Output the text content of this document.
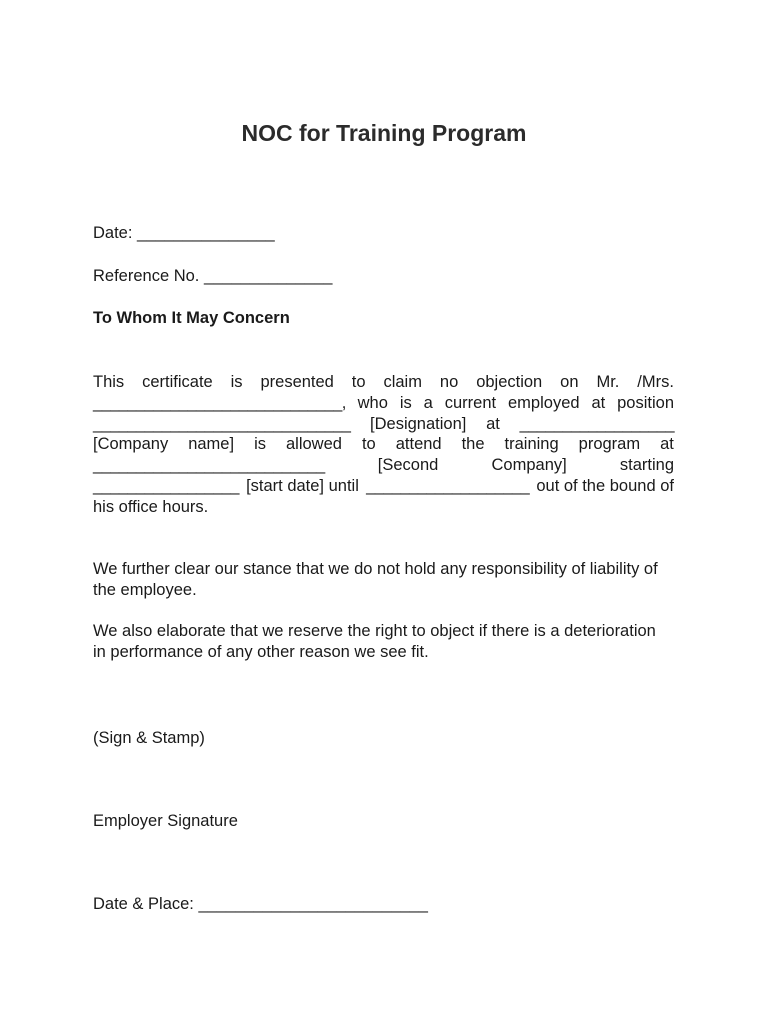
NOC for Training Program
Date: _______________
Reference No. ______________
To Whom It May Concern
This certificate is presented to claim no objection on Mr. /Mrs.
_____________________________, who is a current employed at position
______________________________ [Designation] at __________________
[Company name] is allowed to attend the training program at
___________________________	[Second	Company]	starting
_________________ [start date] until ___________________ out of the bound of
his office hours.
We further clear our stance that we do not hold any responsibility of liability of
the employee.
We also elaborate that we reserve the right to object if there is a deterioration
in performance of any other reason we see fit.
(Sign & Stamp)
Employer Signature
Date & Place: _________________________
